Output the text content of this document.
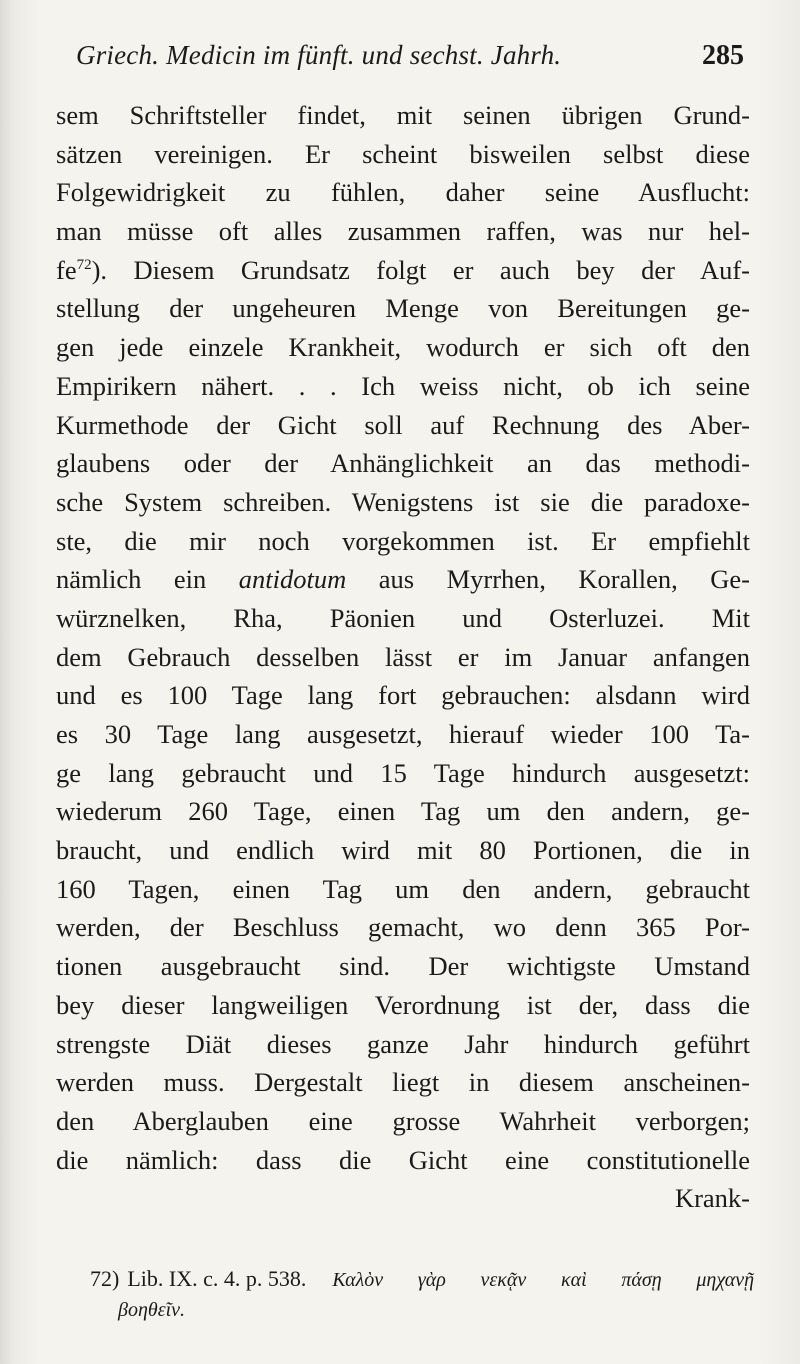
Griech. Medicin im fünft. und sechst. Jahrh.	285
sem Schriftsteller findet, mit seinen übrigen Grund-
sätzen vereinigen. Er scheint bisweilen selbst diese
Folgewidrigkeit zu fühlen, daher seine Ausflucht:
man müsse oft alles zusammen raffen, was nur hel-
fe$^{72}$). Diesem Grundsatz folgt er auch bey der Auf-
stellung der ungeheuren Menge von Bereitungen ge-
gen jede einzele Krankheit, wodurch er sich oft den
Empirikern nähert. . . Ich weiss nicht, ob ich seine
Kurmethode der Gicht soll auf Rechnung des Aber-
glaubens oder der Anhänglichkeit an das methodi-
sche System schreiben. Wenigstens ist sie die paradoxe-
ste, die mir noch vorgekommen ist. Er empfiehlt
nämlich ein antidotum aus Myrrhen, Korallen, Ge-
würznelken, Rha, Päonien und Osterluzei. Mit
dem Gebrauch desselben lässt er im Januar anfangen
und es 100 Tage lang fort gebrauchen: alsdann wird
es 30 Tage lang ausgesetzt, hierauf wieder 100 Ta-
ge lang gebraucht und 15 Tage hindurch ausgesetzt:
wiederum 260 Tage, einen Tag um den andern, ge-
braucht, und endlich wird mit 80 Portionen, die in
160 Tagen, einen Tag um den andern, gebraucht
werden, der Beschluss gemacht, wo denn 365 Por-
tionen ausgebraucht sind. Der wichtigste Umstand
bey dieser langweiligen Verordnung ist der, dass die
strengste Diät dieses ganze Jahr hindurch geführt
werden muss. Dergestalt liegt in diesem anscheinen-
den Aberglauben eine grosse Wahrheit verborgen;
die nämlich: dass die Gicht eine constitutionelle
Krank-
72) Lib. IX. c. 4. p. 538. Καλὸν γὰρ νεκᾷν καὶ πάσῃ μηχανῇ
βοηθεῖν.
